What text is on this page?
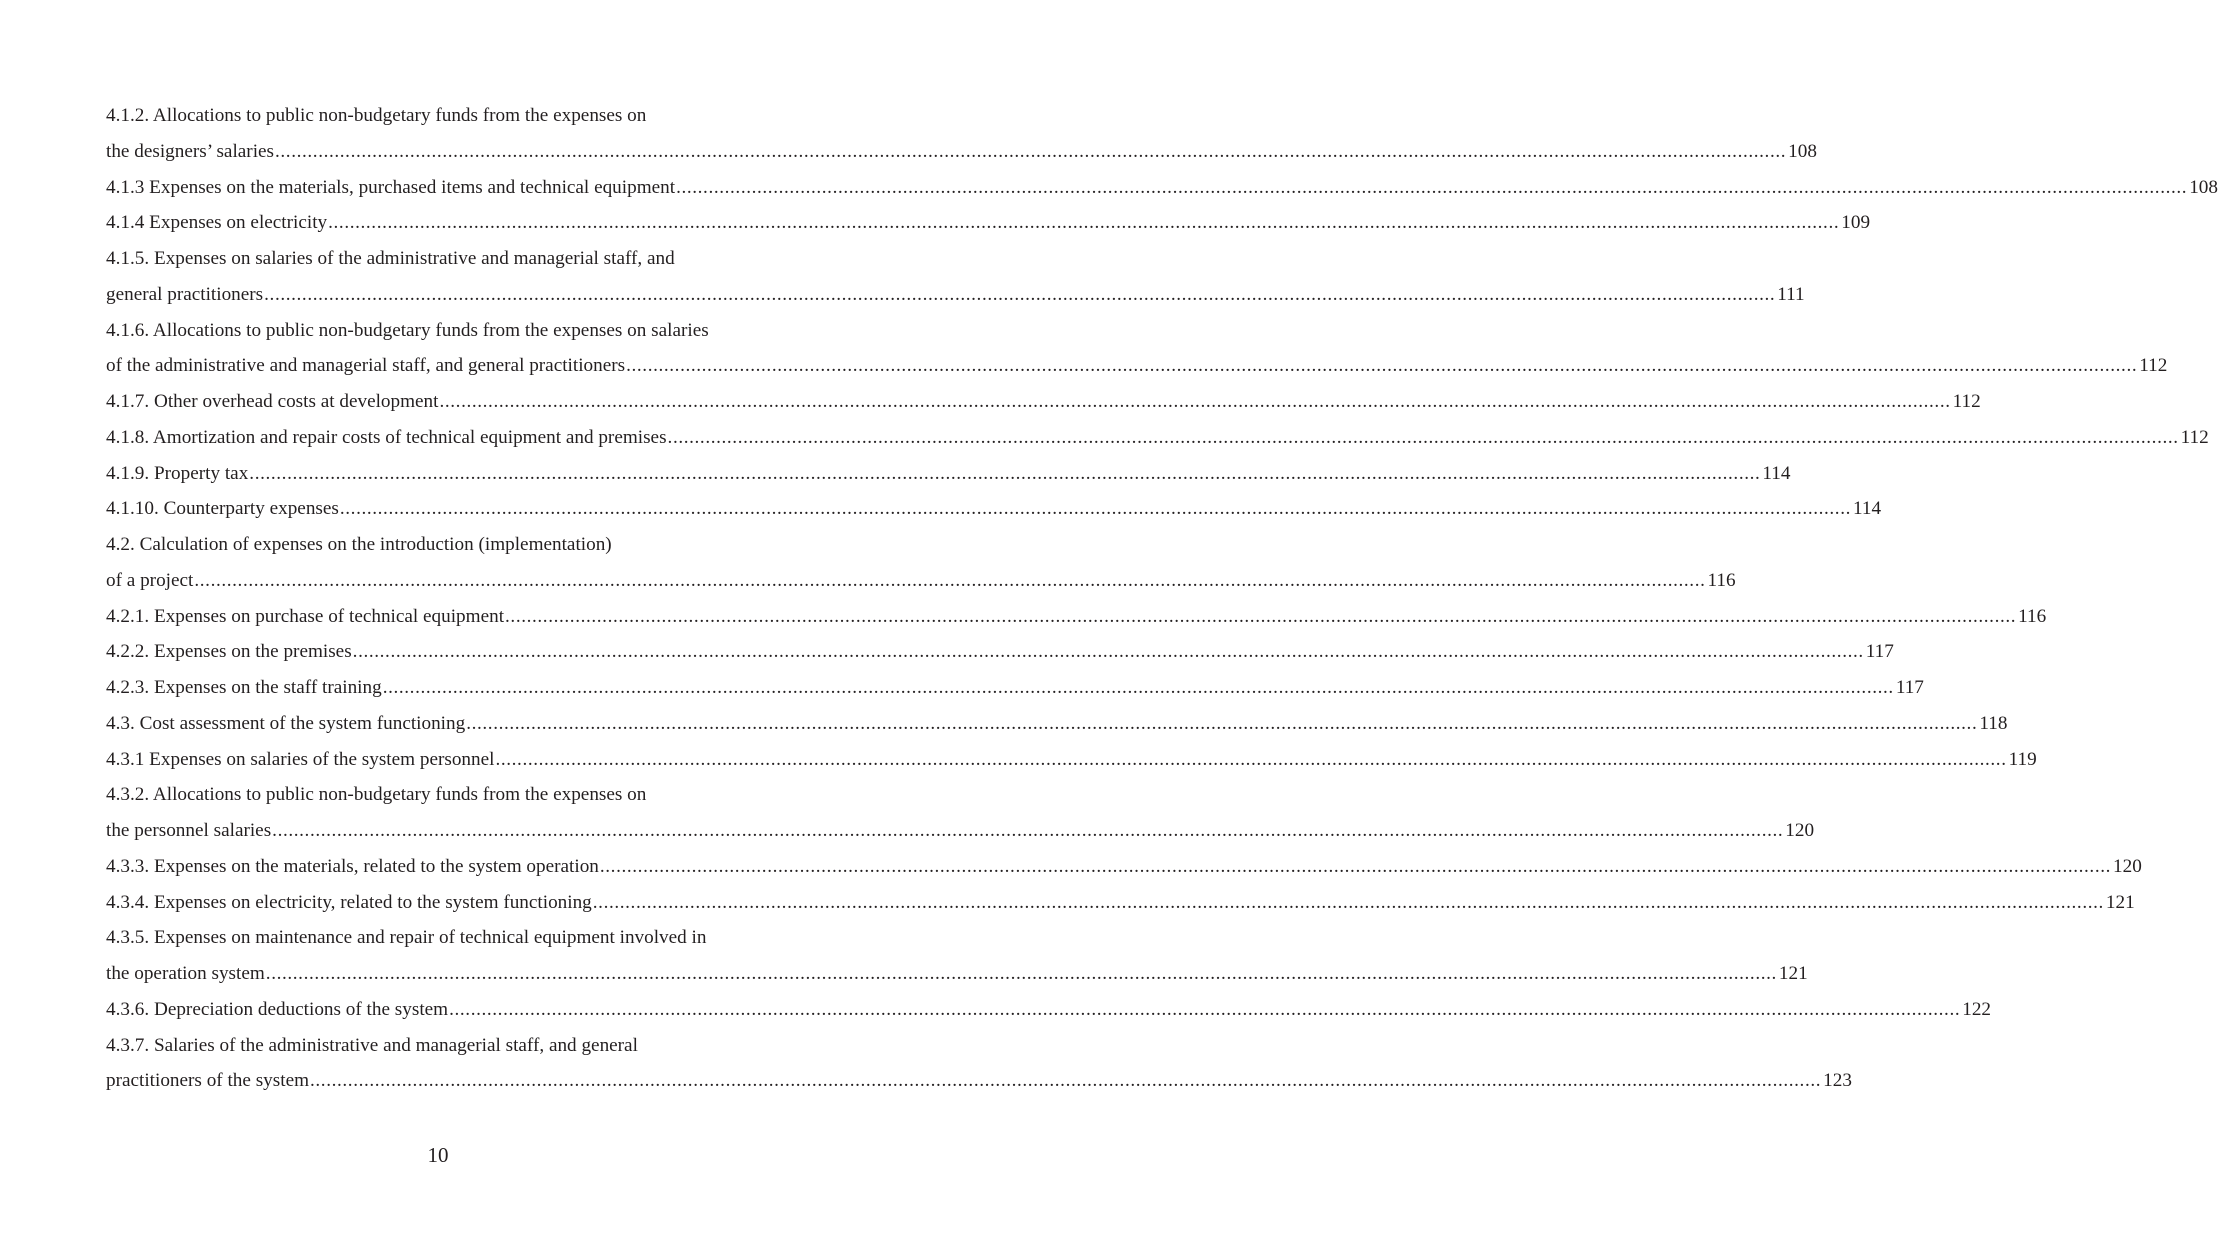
4.1.2. Allocations to public non-budgetary funds from the expenses on
the designers’ salaries .....	108
4.1.3 Expenses on the materials, purchased items and technical equipment .....	108
4.1.4 Expenses on electricity .....	109
4.1.5. Expenses on salaries of the administrative and managerial staff, and
general practitioners .....	111
4.1.6. Allocations to public non-budgetary funds from the expenses on salaries
of the administrative and managerial staff, and general practitioners .....	112
4.1.7. Other overhead costs at development .....	112
4.1.8. Amortization and repair costs of technical equipment and premises .....	112
4.1.9. Property tax .....	114
4.1.10. Counterparty expenses .....	114
4.2. Calculation of expenses on the introduction (implementation)
of a project .....	116
4.2.1. Expenses on purchase of technical equipment .....	116
4.2.2. Expenses on the premises .....	117
4.2.3. Expenses on the staff training .....	117
4.3. Cost assessment of the system functioning .....	118
4.3.1 Expenses on salaries of the system personnel .....	119
4.3.2. Allocations to public non-budgetary funds from the expenses on
the personnel salaries .....	120
4.3.3. Expenses on the materials, related to the system operation .....	120
4.3.4. Expenses on electricity, related to the system functioning .....	121
4.3.5. Expenses on maintenance and repair of technical equipment involved in
the operation system .....	121
4.3.6. Depreciation deductions of the system .....	122
4.3.7. Salaries of the administrative and managerial staff, and general
practitioners of the system .....	123
10
